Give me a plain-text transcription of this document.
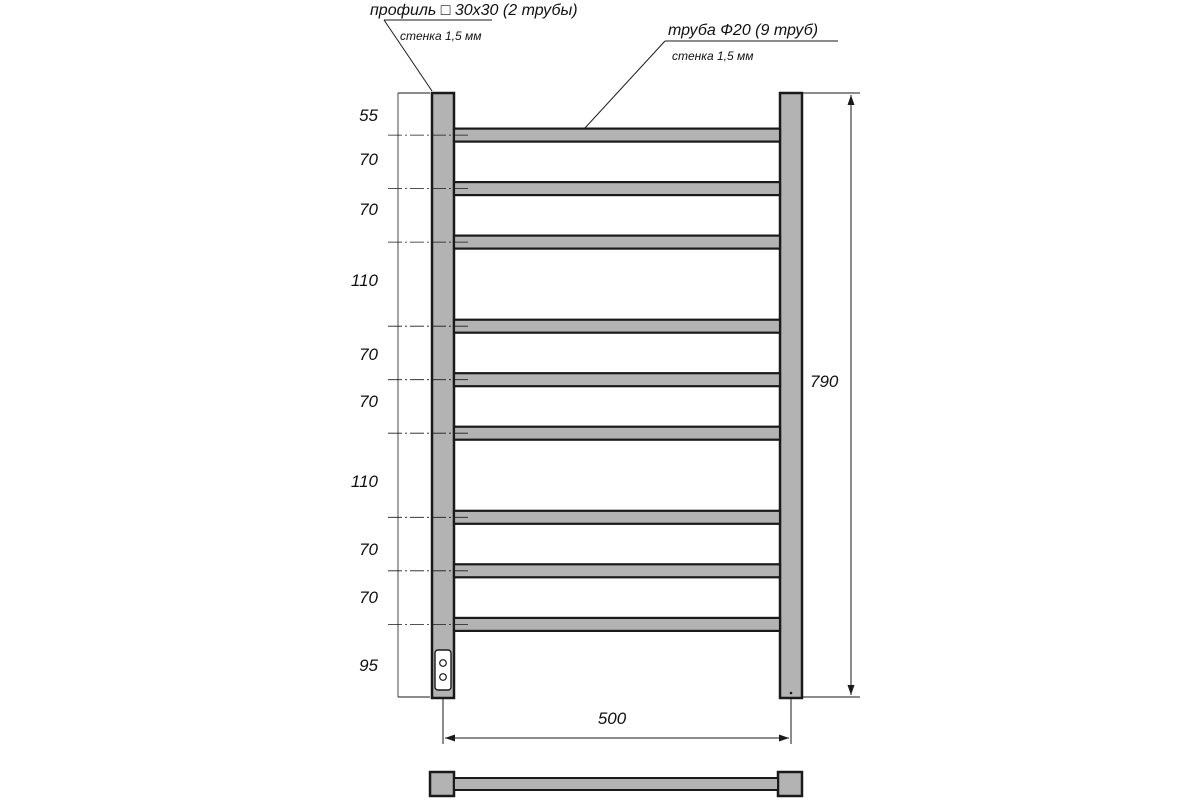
55
70
70
110
70
70
110
70
70
95
790
500
профиль □ 30x30 (2 трубы)
стенка 1,5 мм	труба Ф20 (9 труб)
стенка 1,5 мм
